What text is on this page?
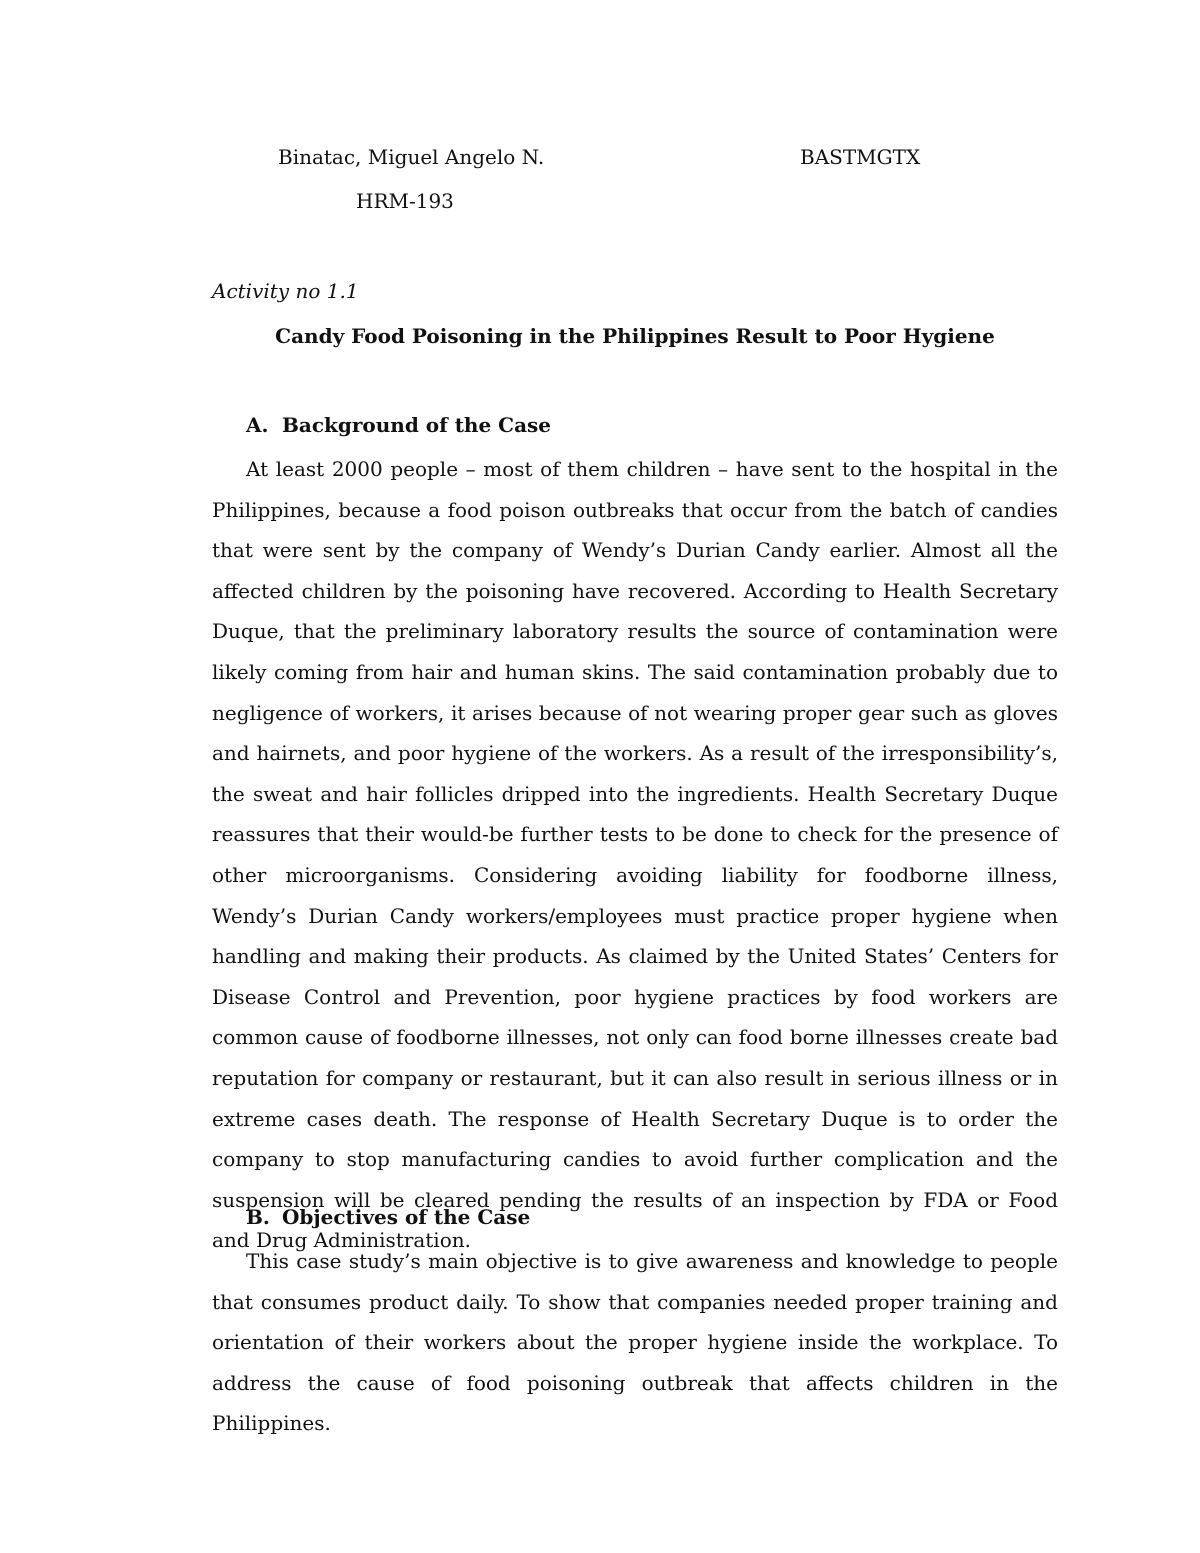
Binatac, Miguel Angelo N.	BASTMGTX
HRM-193
Activity no 1.1
Candy Food Poisoning in the Philippines Result to Poor Hygiene
A. Background of the Case

At least 2000 people – most of them children – have sent to the hospital in the Philippines, because a food poison outbreaks that occur from the batch of candies that were sent by the company of Wendy’s Durian Candy earlier. Almost all the affected children by the poisoning have recovered. According to Health Secretary Duque, that the preliminary laboratory results the source of contamination were likely coming from hair and human skins. The said contamination probably due to negligence of workers, it arises because of not wearing proper gear such as gloves and hairnets, and poor hygiene of the workers. As a result of the irresponsibility’s, the sweat and hair follicles dripped into the ingredients. Health Secretary Duque reassures that their would-be further tests to be done to check for the presence of other microorganisms. Considering avoiding liability for foodborne illness, Wendy’s Durian Candy workers/employees must practice proper hygiene when handling and making their products. As claimed by the United States’ Centers for Disease Control and Prevention, poor hygiene practices by food workers are common cause of foodborne illnesses, not only can food borne illnesses create bad reputation for company or restaurant, but it can also result in serious illness or in extreme cases death. The response of Health Secretary Duque is to order the company to stop manufacturing candies to avoid further complication and the suspension will be cleared pending the results of an inspection by FDA or Food and Drug Administration.

B. Objectives of the Case

This case study’s main objective is to give awareness and knowledge to people that consumes product daily. To show that companies needed proper training and orientation of their workers about the proper hygiene inside the workplace. To address the cause of food poisoning outbreak that affects children in the Philippines.
